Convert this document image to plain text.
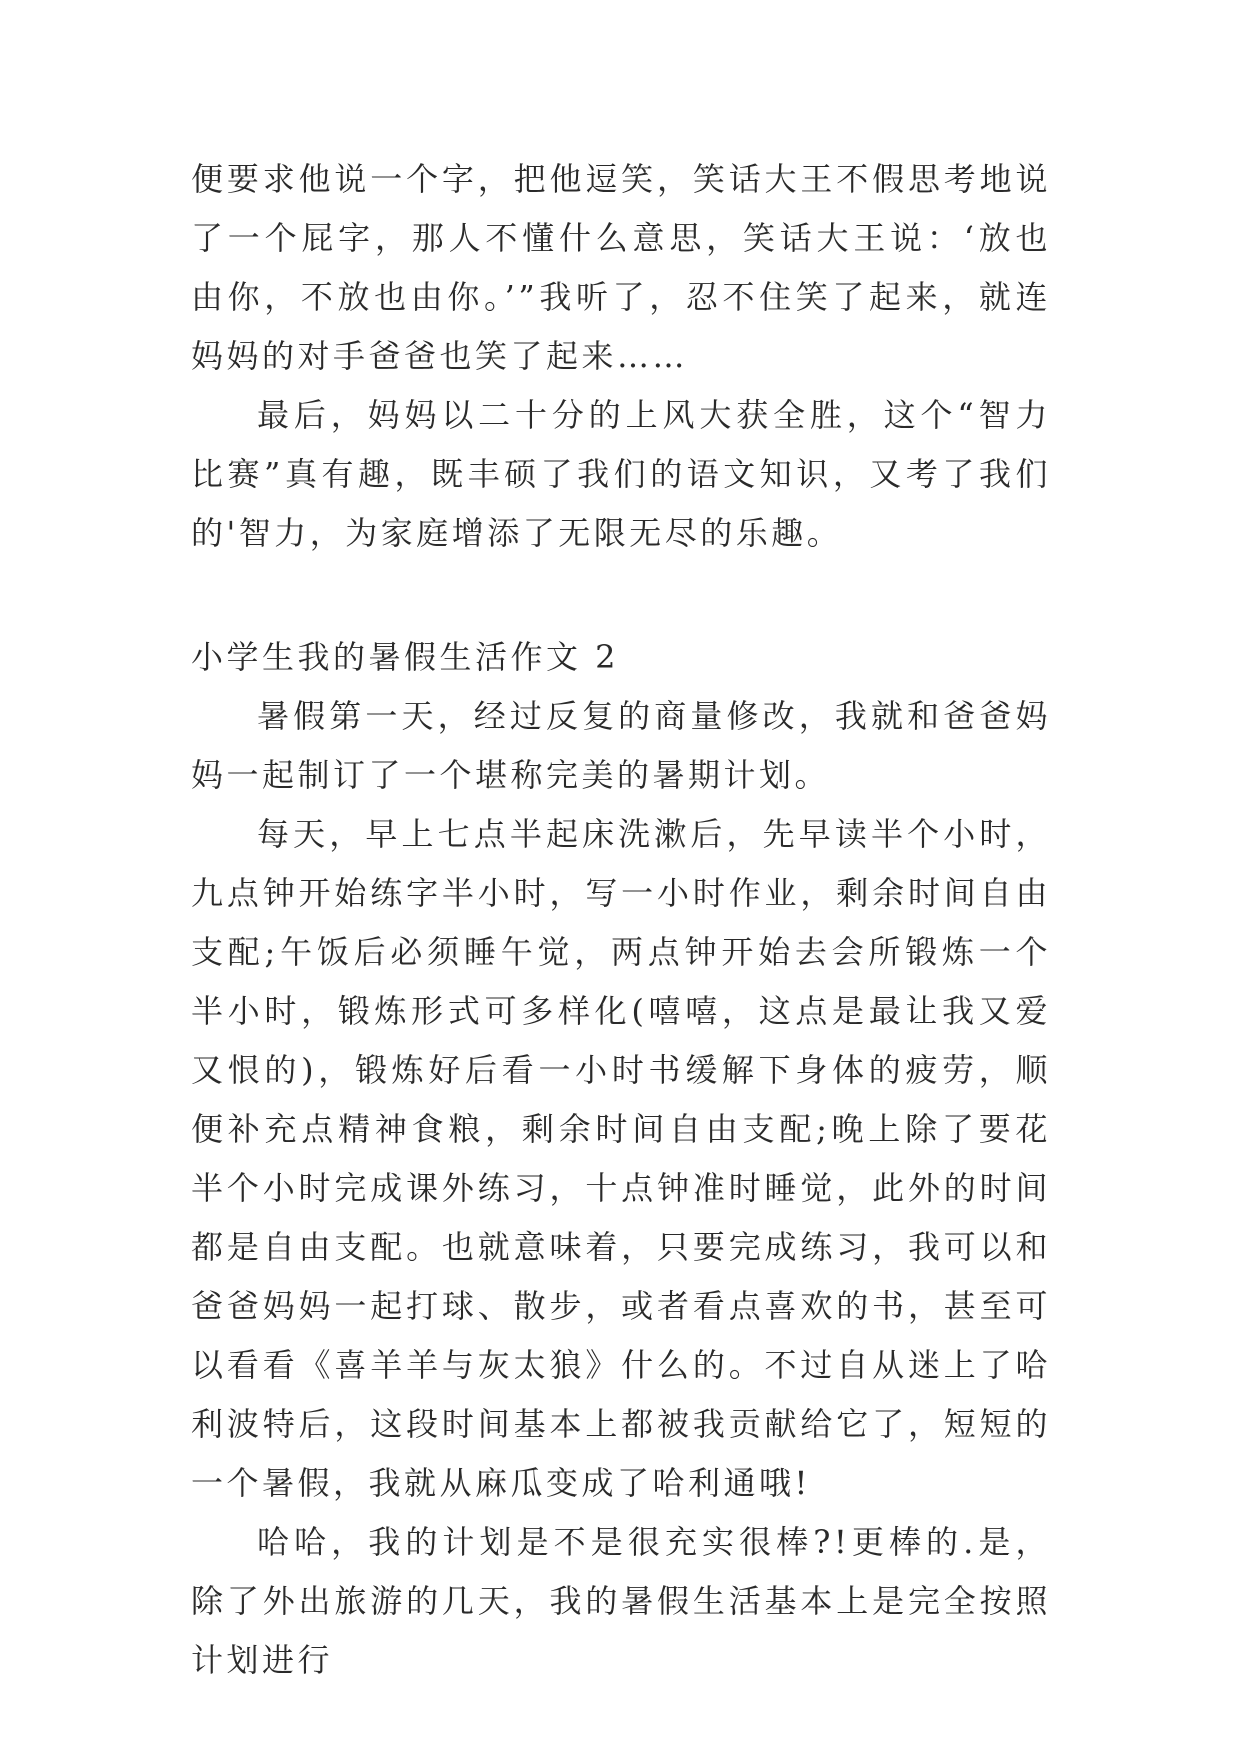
便要求他说一个字，把他逗笑，笑话大王不假思考地说了一个屁字，那人不懂什么意思，笑话大王说：‘放也由你，不放也由你。’”我听了，忍不住笑了起来，就连妈妈的对手爸爸也笑了起来……

最后，妈妈以二十分的上风大获全胜，这个“智力比赛”真有趣，既丰硕了我们的语文知识，又考了我们的'智力，为家庭增添了无限无尽的乐趣。

小学生我的暑假生活作文 2

暑假第一天，经过反复的商量修改，我就和爸爸妈妈一起制订了一个堪称完美的暑期计划。

每天，早上七点半起床洗漱后，先早读半个小时，九点钟开始练字半小时，写一小时作业，剩余时间自由支配;午饭后必须睡午觉，两点钟开始去会所锻炼一个半小时，锻炼形式可多样化(嘻嘻，这点是最让我又爱又恨的)，锻炼好后看一小时书缓解下身体的疲劳，顺便补充点精神食粮，剩余时间自由支配;晚上除了要花半个小时完成课外练习，十点钟准时睡觉，此外的时间都是自由支配。也就意味着，只要完成练习，我可以和爸爸妈妈一起打球、散步，或者看点喜欢的书，甚至可以看看《喜羊羊与灰太狼》什么的。不过自从迷上了哈利波特后，这段时间基本上都被我贡献给它了，短短的一个暑假，我就从麻瓜变成了哈利通哦!

哈哈，我的计划是不是很充实很棒?!更棒的.是，除了外出旅游的几天，我的暑假生活基本上是完全按照计划进行
